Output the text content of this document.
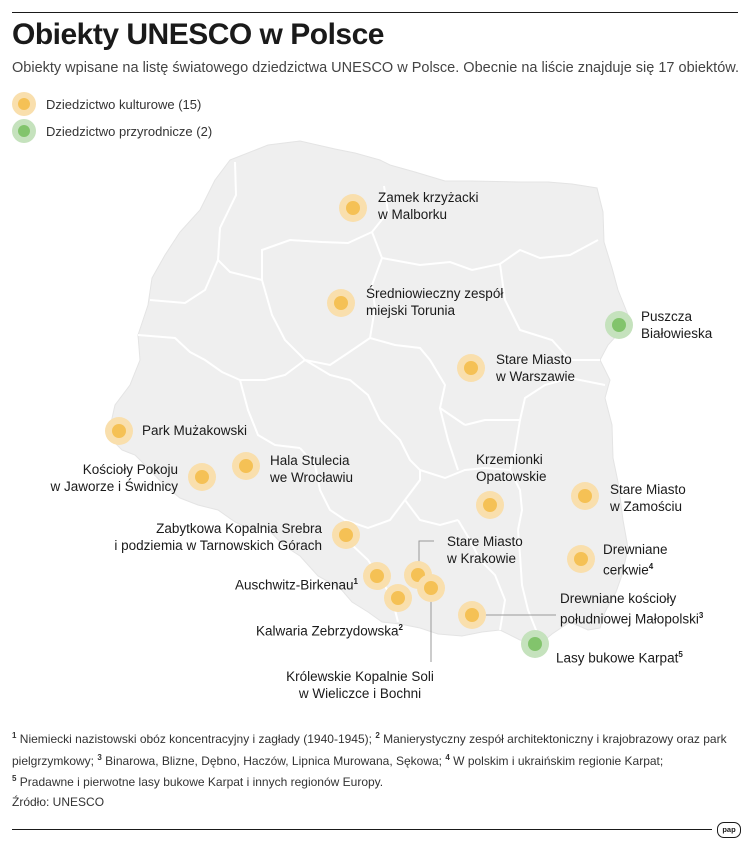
Obiekty UNESCO w Polsce
Obiekty wpisane na listę światowego dziedzictwa UNESCO w Polsce. Obecnie na liście znajduje się 17 obiektów.
Dziedzictwo kulturowe (15)
Dziedzictwo przyrodnicze (2)
Zamek krzyżacki
w Malborku
Średniowieczny zespół
miejski Torunia	Puszcza
Białowieska
Stare Miasto
w Warszawie
Park Mużakowski
Hala Stulecia
we Wrocławiu
Kościoły Pokoju
w Jaworze i Świdnicy
Krzemionki
Opatowskie
Stare Miasto
w Zamościu
Zabytkowa Kopalnia Srebra
i podziemia w Tarnowskich Górach	Stare Miasto
w Krakowie
Drewniane
cerkwie$^4$
Auschwitz-Birkenau$^1$
Drewniane kościoły
południowej Małopolski$^3$
Kalwaria Zebrzydowska$^2$
Lasy bukowe Karpat$^5$
Królewskie Kopalnie Soli
w Wieliczce i Bochni
$^1$ Niemiecki nazistowski obóz koncentracyjny i zagłady (1940-1945); $^2$ Manierystyczny zespół architektoniczny i krajobrazowy oraz park pielgrzymkowy; $^3$ Binarowa, Blizne, Dębno, Haczów, Lipnica Murowana, Sękowa; $^4$ W polskim i ukraińskim regionie Karpat;
$^5$ Pradawne i pierwotne lasy bukowe Karpat i innych regionów Europy.
Źródło: UNESCO
pap
